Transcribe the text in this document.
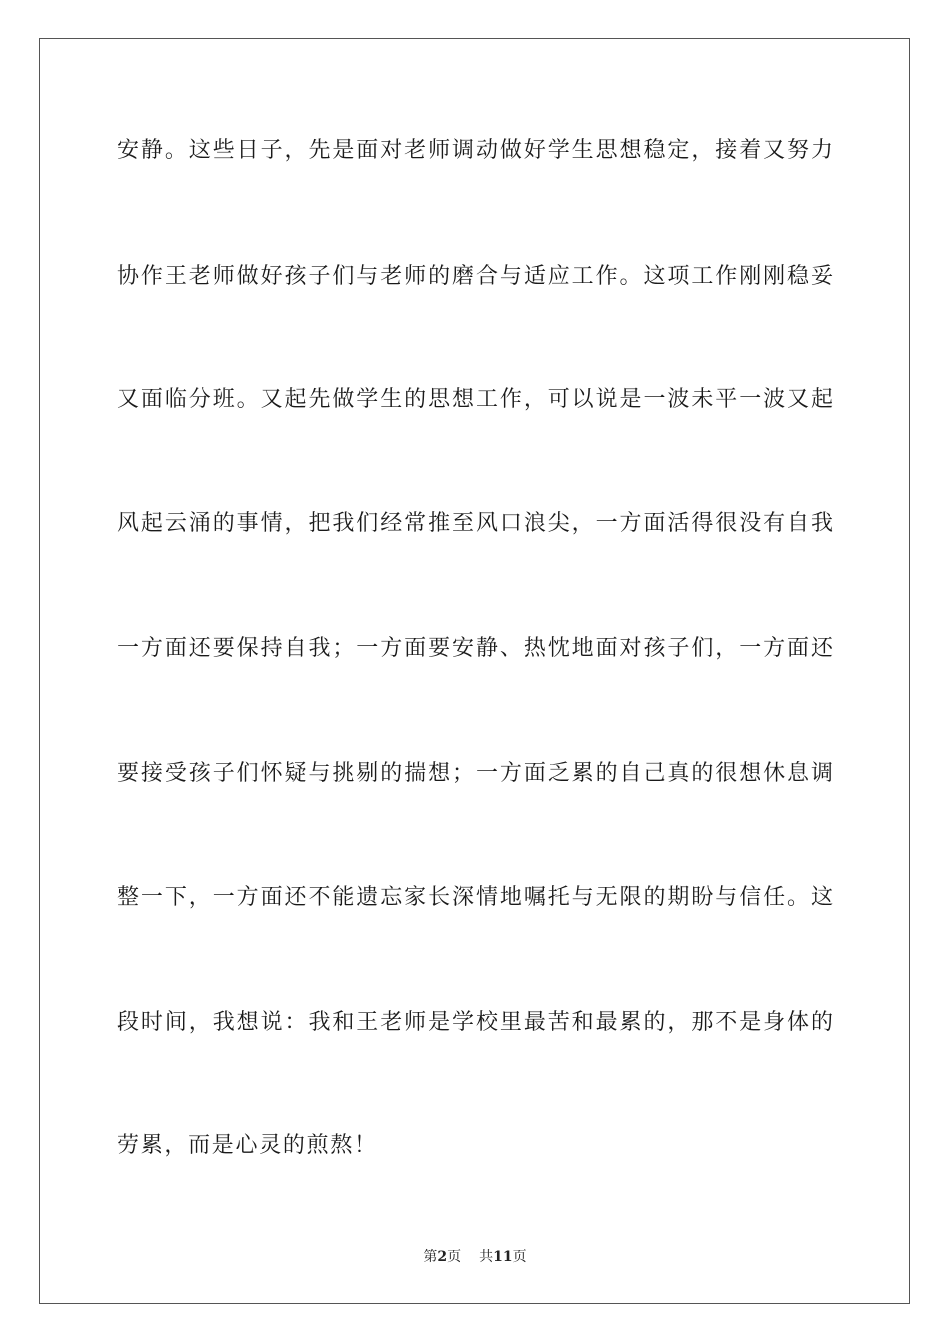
安静。这些日子，先是面对老师调动做好学生思想稳定，接着又努力
协作王老师做好孩子们与老师的磨合与适应工作。这项工作刚刚稳妥
又面临分班。又起先做学生的思想工作，可以说是一波未平一波又起
风起云涌的事情，把我们经常推至风口浪尖，一方面活得很没有自我
一方面还要保持自我；一方面要安静、热忱地面对孩子们，一方面还
要接受孩子们怀疑与挑剔的揣想；一方面乏累的自己真的很想休息调
整一下，一方面还不能遗忘家长深情地嘱托与无限的期盼与信任。这
段时间，我想说：我和王老师是学校里最苦和最累的，那不是身体的
劳累，而是心灵的煎熬！
第2页 共11页
